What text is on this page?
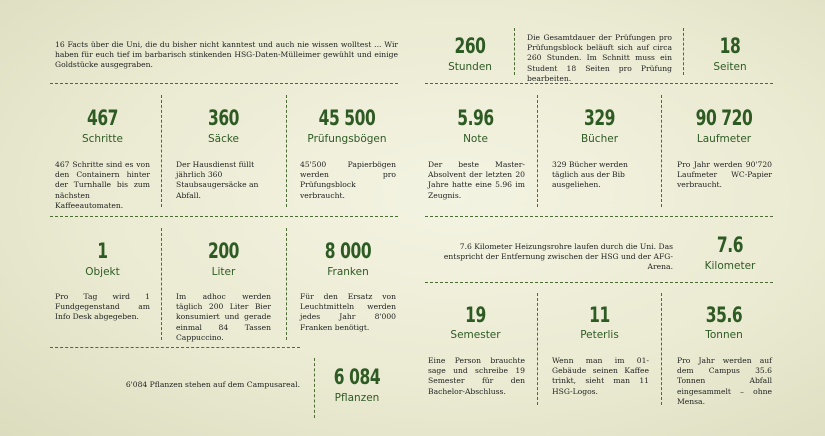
16 Facts über die Uni, die du bisher nicht kanntest und auch nie wissen wolltest ... Wir haben für euch tief im barbarisch stinkenden HSG-Daten-Mülleimer gewühlt und einige Goldstücke ausgegraben.
260
Stunden
Die Gesamtdauer der Prüfungen pro Prüfungsblock beläuft sich auf circa 260 Stunden. Im Schnitt muss ein Student 18 Seiten pro Prüfung bearbeiten.
18
Seiten
467
Schritte
467 Schritte sind es von den Containern hinter der Turnhalle bis zum nächsten Kaffeeautomaten.
360
Säcke
Der Hausdienst füllt jährlich 360 Staubsaugersäcke an Abfall.
45 500
Prüfungsbögen
45'500 Papierbögen werden pro Prüfungsblock verbraucht.
5.96
Note
Der beste Master-Absolvent der letzten 20 Jahre hatte eine 5.96 im Zeugnis.
329
Bücher
329 Bücher werden täglich aus der Bib ausgeliehen.
90 720
Laufmeter
Pro Jahr werden 90'720 Laufmeter WC-Papier verbraucht.
1
Objekt
Pro Tag wird 1 Fundgegenstand am Info Desk abgegeben.
200
Liter
Im adhoc werden täglich 200 Liter Bier konsumiert und gerade einmal 84 Tassen Cappuccino.
8 000
Franken
Für den Ersatz von Leuchtmitteln werden jedes Jahr 8'000 Franken benötigt.
7.6 Kilometer Heizungsrohre laufen durch die Uni. Das entspricht der Entfernung zwischen der HSG und der AFG-Arena.
7.6
Kilometer
19
Semester
Eine Person brauchte sage und schreibe 19 Semester für den Bachelor-Abschluss.
11
Peterlis
Wenn man im 01-Gebäude seinen Kaffee trinkt, sieht man 11 HSG-Logos.
35.6
Tonnen
Pro Jahr werden auf dem Campus 35.6 Tonnen Abfall eingesammelt – ohne Mensa.
6'084 Pflanzen stehen auf dem Campusareal. 6 084
Pflanzen
